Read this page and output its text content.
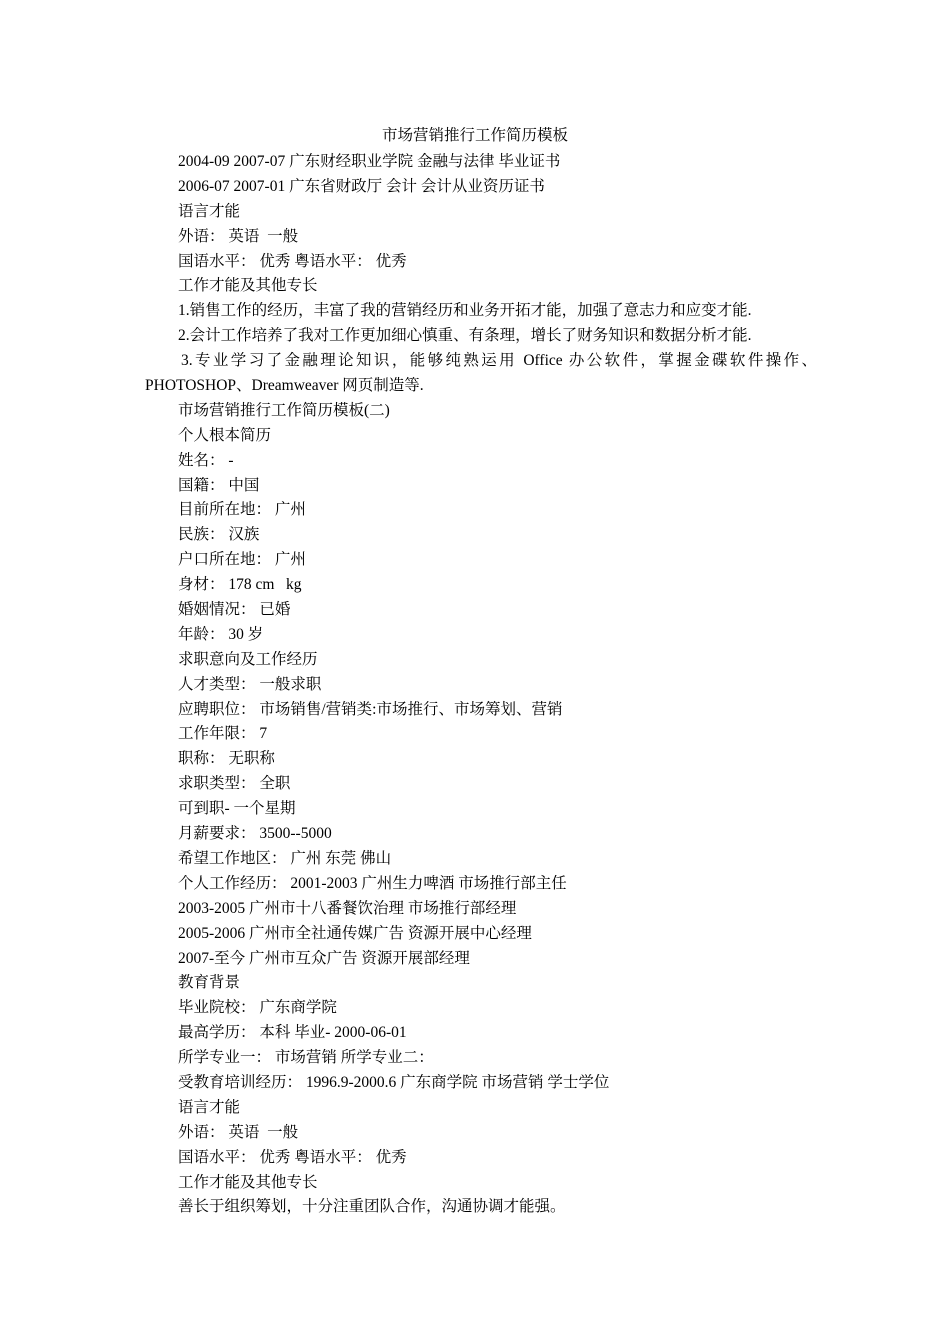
市场营销推行工作简历模板
2004-09 2007-07 广东财经职业学院 金融与法律 毕业证书
2006-07 2007-01 广东省财政厅 会计 会计从业资历证书
语言才能
外语： 英语  一般
国语水平： 优秀 粤语水平： 优秀
工作才能及其他专长
1.销售工作的经历，丰富了我的营销经历和业务开拓才能，加强了意志力和应变才能.
2.会计工作培养了我对工作更加细心慎重、有条理，增长了财务知识和数据分析才能.
3.专业学习了金融理论知识，能够纯熟运用 Office 办公软件，掌握金碟软件操作、
PHOTOSHOP、Dreamweaver 网页制造等.
市场营销推行工作简历模板(二)
个人根本简历
姓名： -
国籍： 中国
目前所在地： 广州
民族： 汉族
户口所在地： 广州
身材： 178 cm   kg
婚姻情况： 已婚
年龄： 30 岁
求职意向及工作经历
人才类型： 一般求职
应聘职位： 市场销售/营销类:市场推行、市场筹划、营销
工作年限： 7
职称： 无职称
求职类型： 全职
可到职- 一个星期
月薪要求： 3500--5000
希望工作地区： 广州 东莞 佛山
个人工作经历： 2001-2003 广州生力啤酒 市场推行部主任
2003-2005 广州市十八番餐饮治理 市场推行部经理
2005-2006 广州市全社通传媒广告 资源开展中心经理
2007-至今 广州市互众广告 资源开展部经理
教育背景
毕业院校： 广东商学院
最高学历： 本科 毕业- 2000-06-01
所学专业一： 市场营销 所学专业二：
受教育培训经历： 1996.9-2000.6 广东商学院 市场营销 学士学位
语言才能
外语： 英语  一般
国语水平： 优秀 粤语水平： 优秀
工作才能及其他专长
善长于组织筹划，十分注重团队合作，沟通协调才能强。
